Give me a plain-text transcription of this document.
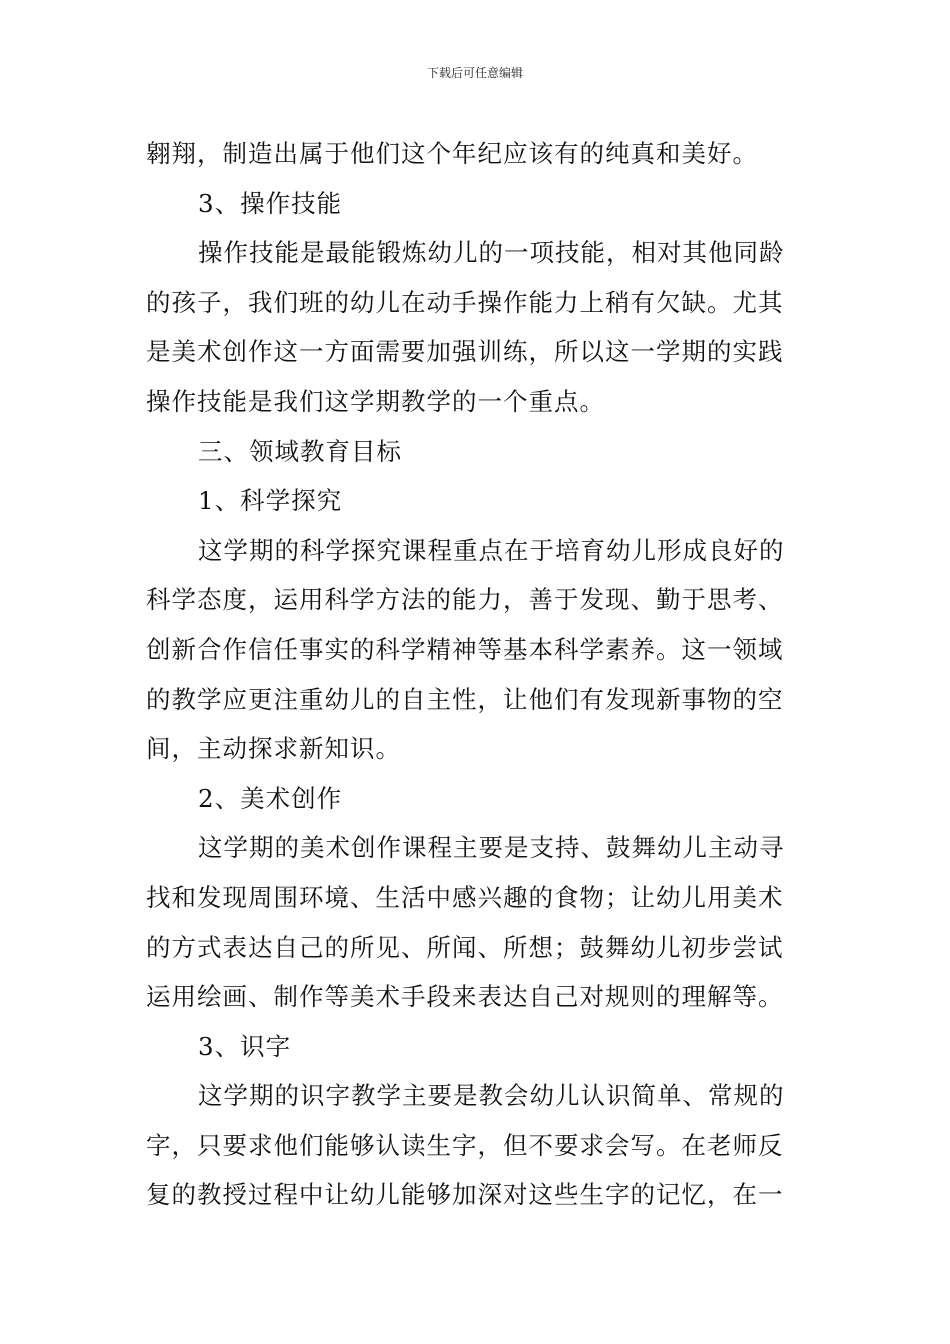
下载后可任意编辑
翱翔，制造出属于他们这个年纪应该有的纯真和美好。
3、操作技能
操作技能是最能锻炼幼儿的一项技能，相对其他同龄
的孩子，我们班的幼儿在动手操作能力上稍有欠缺。尤其
是美术创作这一方面需要加强训练，所以这一学期的实践
操作技能是我们这学期教学的一个重点。
三、领域教育目标
1、科学探究
这学期的科学探究课程重点在于培育幼儿形成良好的
科学态度，运用科学方法的能力，善于发现、勤于思考、
创新合作信任事实的科学精神等基本科学素养。这一领域
的教学应更注重幼儿的自主性，让他们有发现新事物的空
间，主动探求新知识。
2、美术创作
这学期的美术创作课程主要是支持、鼓舞幼儿主动寻
找和发现周围环境、生活中感兴趣的食物；让幼儿用美术
的方式表达自己的所见、所闻、所想；鼓舞幼儿初步尝试
运用绘画、制作等美术手段来表达自己对规则的理解等。
3、识字
这学期的识字教学主要是教会幼儿认识简单、常规的
字，只要求他们能够认读生字，但不要求会写。在老师反
复的教授过程中让幼儿能够加深对这些生字的记忆，在一
